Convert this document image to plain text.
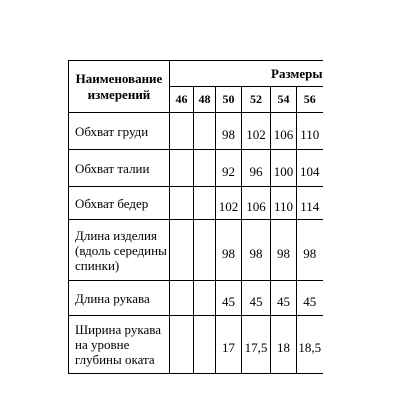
Наименование
измерений	Размеры					
	46	48	50	52	54	56

Обхват груди			98	102	106	110

Обхват талии			92	96	100	104

Обхват бедер			102	106	110	114

Длина изделия
(вдоль середины
спинки)			98	98	98	98

Длина рукава			45	45	45	45

Ширина рукава
на уровне
глубины оката			17	17,5	18	18,5
